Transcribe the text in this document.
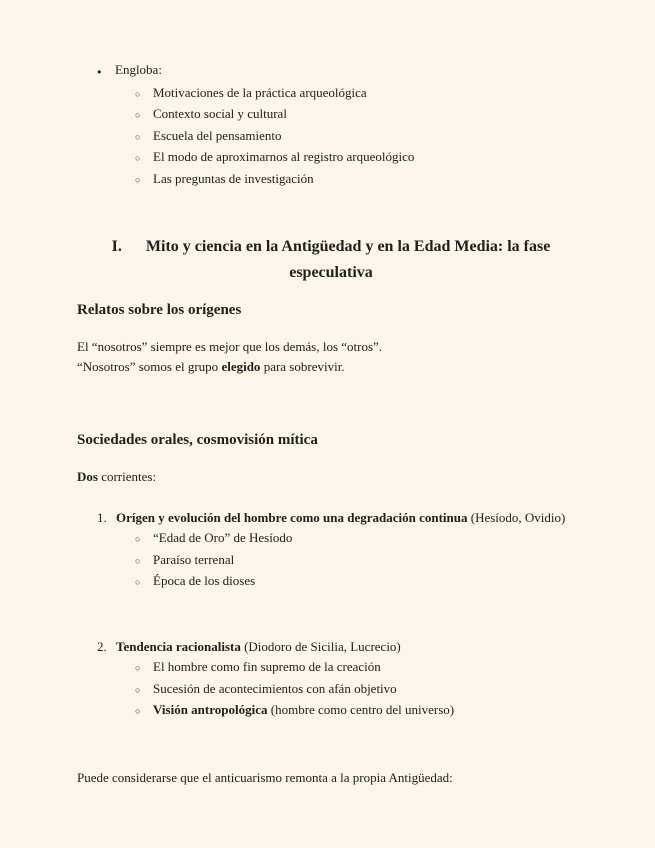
●
Engloba:
○
Motivaciones de la práctica arqueológica
○
Contexto social y cultural
○
Escuela del pensamiento
○
El modo de aproximarnos al registro arqueológico
○
Las preguntas de investigación
I. Mito y ciencia en la Antigüedad y en la Edad Media: la fase especulativa
Relatos sobre los orígenes

El “nosotros” siempre es mejor que los demás, los “otros”.
“Nosotros” somos el grupo elegido para sobrevivir.

Sociedades orales, cosmovisión mítica

Dos corrientes:

1. Orígen y evolución del hombre como una degradación continua (Hesíodo, Ovidio)
○
“Edad de Oro” de Hesíodo
○
Paraíso terrenal
○
Época de los dioses
2. Tendencia racionalista (Diodoro de Sicilia, Lucrecio)
○
El hombre como fin supremo de la creación
○
Sucesión de acontecimientos con afán objetivo
○
Visión antropológica (hombre como centro del universo)

Puede considerarse que el anticuarismo remonta a la propia Antigüedad:
